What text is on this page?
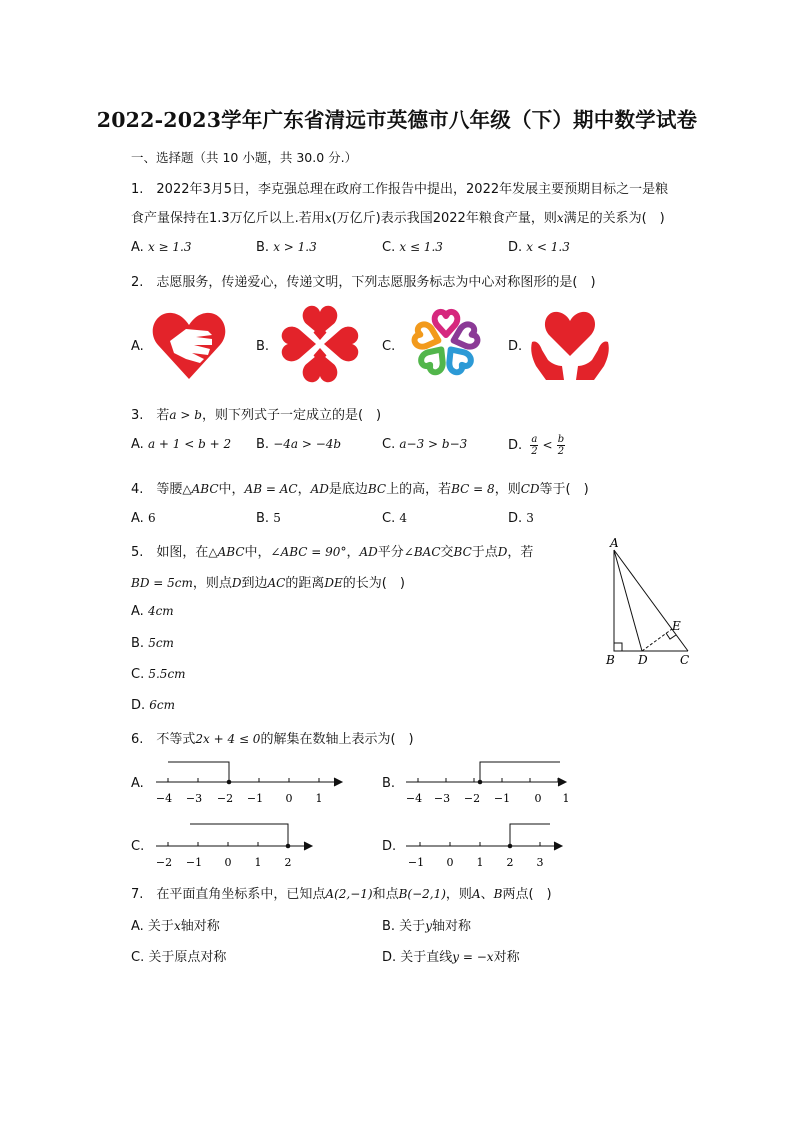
2022-2023学年广东省清远市英德市八年级（下）期中数学试卷
一、选择题（共 10 小题，共 30.0 分.）
1.　2022年3月5日，李克强总理在政府工作报告中提出，2022年发展主要预期目标之一是粮
食产量保持在1.3万亿斤以上.若用x(万亿斤)表示我国2022年粮食产量，则x满足的关系为(　)
A. x ≥ 1.3	B. x > 1.3	C. x ≤ 1.3	D. x < 1.3
2.　志愿服务，传递爱心，传递文明，下列志愿服务标志为中心对称图形的是(　)
A.	B.	C.	D.
3.　若a > b，则下列式子一定成立的是(　)
A. a + 1 < b + 2 B. −4a > −4b	C. a−3 > b−3	D. $\frac{a}{2} < \frac{b}{2}$
4.　等腰△ABC中，AB = AC，AD是底边BC上的高，若BC = 8，则CD等于(　)
A. 6	B. 5	C. 4	D. 3
5.　如图，在△ABC中，∠ABC = 90°，AD平分∠BAC交BC于点D，若
BD = 5cm，则点D到边AC的距离DE的长为(　)
A. 4cm
B. 5cm
C. 5.5cm
D. 6cm
A
B D	C
E
6.　不等式2x + 4 ≤ 0的解集在数轴上表示为(　)
A.	B.
C.	D.
−4 −3 −2 −1 0 1	−4 −3 −2 −1 0 1
−2 −1 0 1 2	−1 0 1 2 3
7.　在平面直角坐标系中，已知点A(2,−1)和点B(−2,1)，则A、B两点(　)
A. 关于x轴对称	B. 关于y轴对称
C. 关于原点对称	D. 关于直线y = −x对称
